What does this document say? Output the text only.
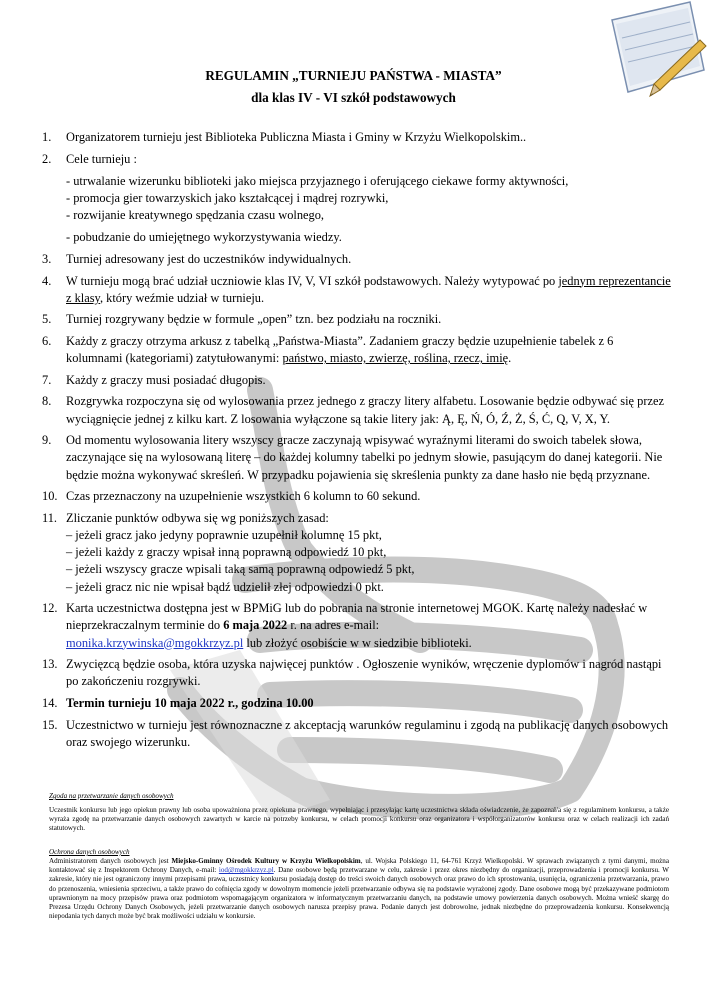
REGULAMIN „TURNIEJU PAŃSTWA - MIASTA”
dla klas IV - VI szkół podstawowych
1. Organizatorem turnieju jest Biblioteka Publiczna Miasta i Gminy w Krzyżu Wielkopolskim..
2. Cele turnieju :
- utrwalanie wizerunku biblioteki jako miejsca przyjaznego i oferującego ciekawe formy aktywności,
- promocja gier towarzyskich jako kształcącej i mądrej rozrywki,
- rozwijanie kreatywnego spędzania czasu wolnego,
- pobudzanie do umiejętnego wykorzystywania wiedzy.
3. Turniej adresowany jest do uczestników indywidualnych.
4. W turnieju mogą brać udział uczniowie klas IV, V, VI szkół podstawowych. Należy wytypować po jednym reprezentancie z klasy, który weźmie udział w turnieju.
5. Turniej rozgrywany będzie w formule „open” tzn. bez podziału na roczniki.
6. Każdy z graczy otrzyma arkusz z tabelką „Państwa-Miasta”. Zadaniem graczy będzie uzupełnienie tabelek z 6 kolumnami (kategoriami) zatytułowanymi: państwo, miasto, zwierzę, roślina, rzecz, imię.
7. Każdy z graczy musi posiadać długopis.
8. Rozgrywka rozpoczyna się od wylosowania przez jednego z graczy litery alfabetu. Losowanie będzie odbywać się przez wyciągnięcie jednej z kilku kart. Z losowania wyłączone są takie litery jak: Ą, Ę, Ń, Ó, Ź, Ż, Ś, Ć, Q, V, X, Y.
9. Od momentu wylosowania litery wszyscy gracze zaczynają wpisywać wyraźnymi literami do swoich tabelek słowa, zaczynające się na wylosowaną literę – do każdej kolumny tabelki po jednym słowie, pasującym do danej kategorii. Nie będzie można wykonywać skreśleń. W przypadku pojawienia się skreślenia punkty za dane hasło nie będą przyznane.
10. Czas przeznaczony na uzupełnienie wszystkich 6 kolumn to 60 sekund.
11. Zliczanie punktów odbywa się wg poniższych zasad:
– jeżeli gracz jako jedyny poprawnie uzupełnił kolumnę 15 pkt,
– jeżeli każdy z graczy wpisał inną poprawną odpowiedź 10 pkt,
– jeżeli wszyscy gracze wpisali taką samą poprawną odpowiedź 5 pkt,
– jeżeli gracz nic nie wpisał bądź udzielił złej odpowiedzi 0 pkt.
12. Karta uczestnictwa dostępna jest w BPMiG lub do pobrania na stronie internetowej MGOK. Kartę należy nadesłać w nieprzekraczalnym terminie do 6 maja 2022 r. na adres e-mail:
monika.krzywinska@mgokkrzyz.pl lub złożyć osobiście w w siedzibie biblioteki.
13. Zwycięzcą będzie osoba, która uzyska najwięcej punktów . Ogłoszenie wyników, wręczenie dyplomów i nagród nastąpi po zakończeniu rozgrywki.
14. Termin turnieju 10 maja 2022 r., godzina 10.00
15. Uczestnictwo w turnieju jest równoznaczne z akceptacją warunków regulaminu i zgodą na publikację danych osobowych oraz swojego wizerunku.
Zgoda na przetwarzanie danych osobowych
Uczestnik konkursu lub jego opiekun prawny lub osoba upoważniona przez opiekuna prawnego, wypełniając i przesyłając kartę uczestnictwa składa oświadczenie, że zapoznał/a się z regulaminem konkursu, a także wyraża zgodę na przetwarzanie danych osobowych zawartych w karcie na potrzeby konkursu, w celach promocji konkursu oraz organizatora i współorganizatorów konkursu oraz w celach realizacji ich zadań statutowych.
Ochrona danych osobowych
Administratorem danych osobowych jest Miejsko-Gminny Ośrodek Kultury w Krzyżu Wielkopolskim, ul. Wojska Polskiego 11, 64-761 Krzyż Wielkopolski. W sprawach związanych z tymi danymi, można kontaktować się z Inspektorem Ochrony Danych, e-mail: iod@mgokkrzyz.pl. Dane osobowe będą przetwarzane w celu, zakresie i przez okres niezbędny do organizacji, przeprowadzenia i promocji konkursu. W zakresie, który nie jest ograniczony innymi przepisami prawa, uczestnicy konkursu posiadają dostęp do treści swoich danych osobowych oraz prawo do ich sprostowania, usunięcia, ograniczenia przetwarzania, prawo do przenoszenia, wniesienia sprzeciwu, a także prawo do cofnięcia zgody w dowolnym momencie jeżeli przetwarzanie odbywa się na podstawie wyrażonej zgody. Dane osobowe mogą być przekazywane podmiotom uprawnionym na mocy przepisów prawa oraz podmiotom wspomagającym organizatora w informatycznym przetwarzaniu danych, na podstawie umowy powierzenia danych osobowych. Można wnieść skargę do Prezesa Urzędu Ochrony Danych Osobowych, jeżeli przetwarzanie danych osobowych narusza przepisy prawa. Podanie danych jest dobrowolne, jednak niezbędne do przeprowadzenia konkursu. Konsekwencją niepodania tych danych może być brak możliwości udziału w konkursie.
